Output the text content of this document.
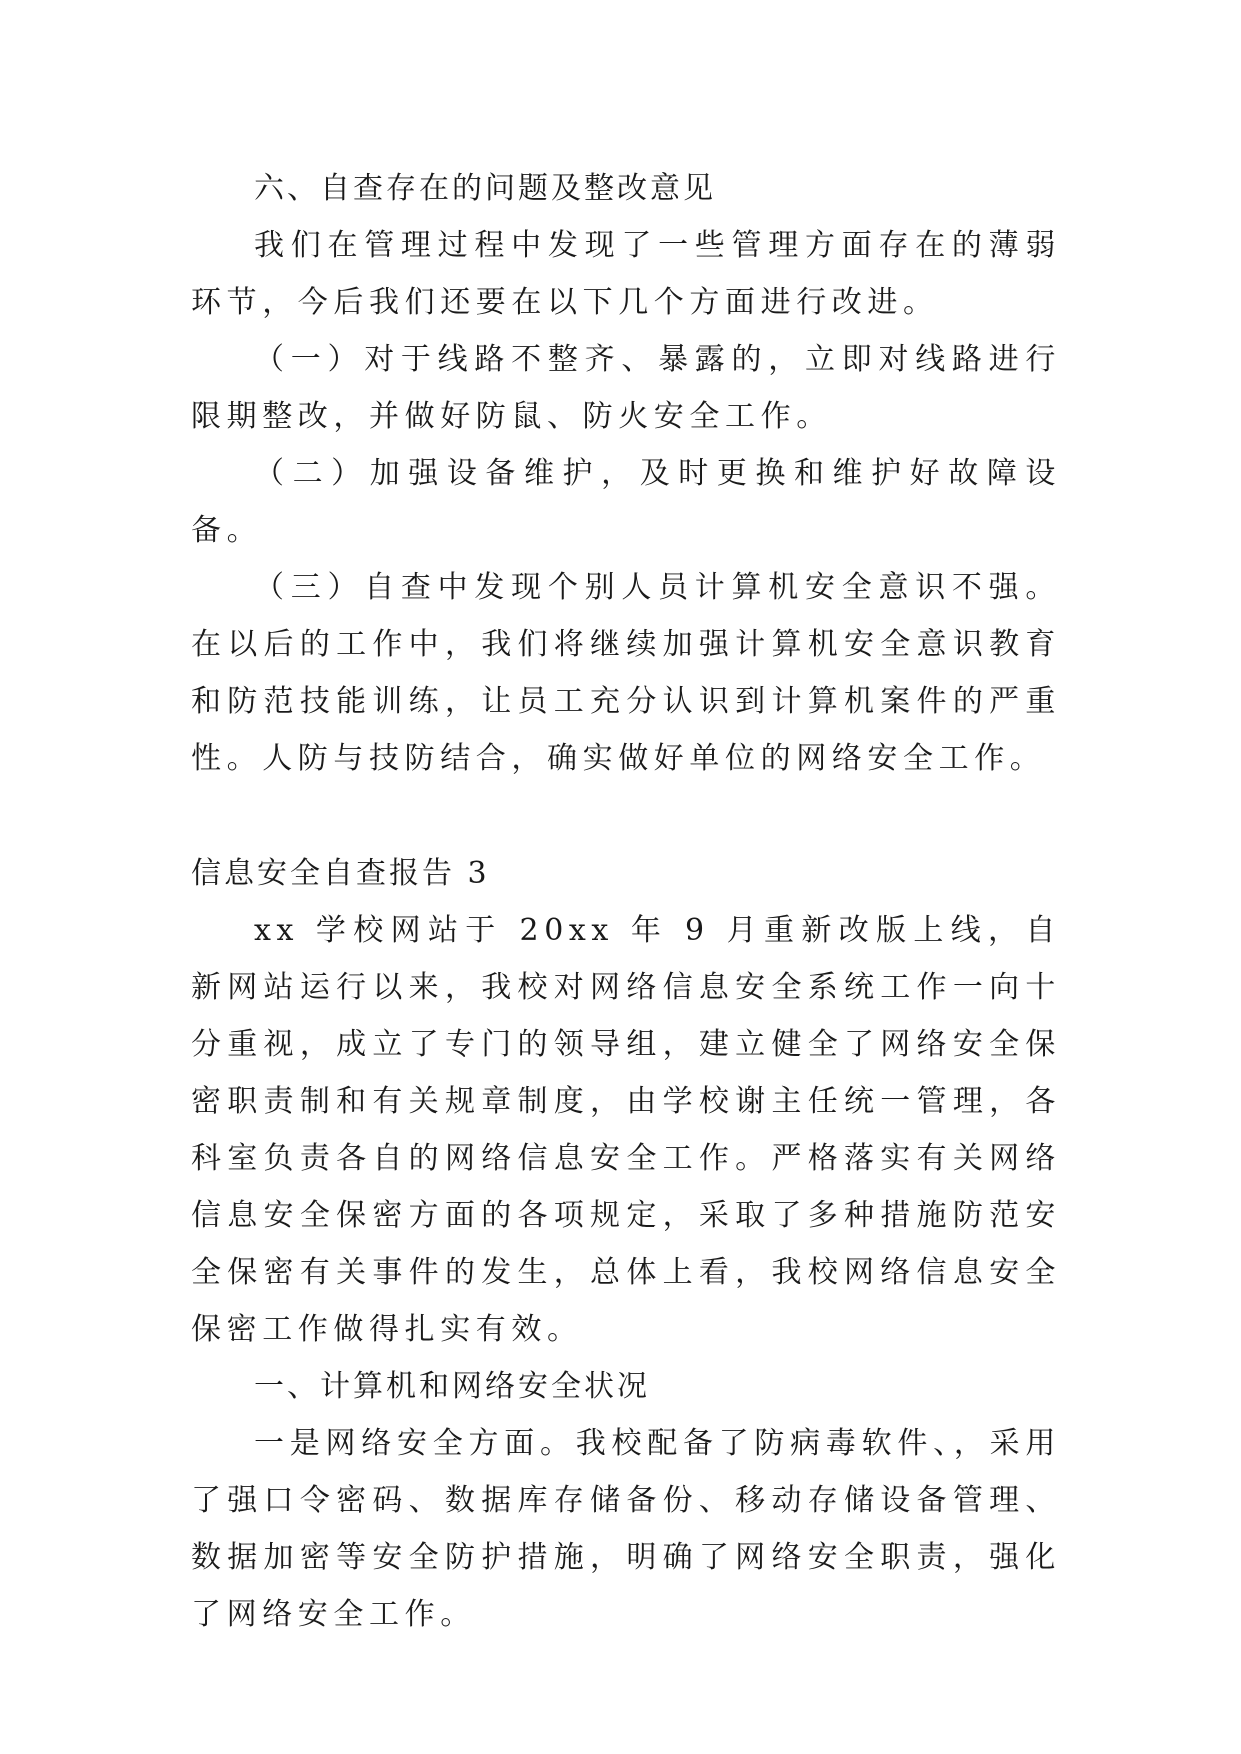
六、自查存在的问题及整改意见

我们在管理过程中发现了一些管理方面存在的薄弱环节，今后我们还要在以下几个方面进行改进。

（一）对于线路不整齐、暴露的，立即对线路进行限期整改，并做好防鼠、防火安全工作。

（二）加强设备维护，及时更换和维护好故障设备。

（三）自查中发现个别人员计算机安全意识不强。在以后的工作中，我们将继续加强计算机安全意识教育和防范技能训练，让员工充分认识到计算机案件的严重性。人防与技防结合，确实做好单位的网络安全工作。

信息安全自查报告 3

xx 学校网站于 20xx 年 9 月重新改版上线，自新网站运行以来，我校对网络信息安全系统工作一向十分重视，成立了专门的领导组，建立健全了网络安全保密职责制和有关规章制度，由学校谢主任统一管理，各科室负责各自的网络信息安全工作。严格落实有关网络信息安全保密方面的各项规定，采取了多种措施防范安全保密有关事件的发生，总体上看，我校网络信息安全保密工作做得扎实有效。

一、计算机和网络安全状况

一是网络安全方面。我校配备了防病毒软件、，采用了强口令密码、数据库存储备份、移动存储设备管理、数据加密等安全防护措施，明确了网络安全职责，强化了网络安全工作。
